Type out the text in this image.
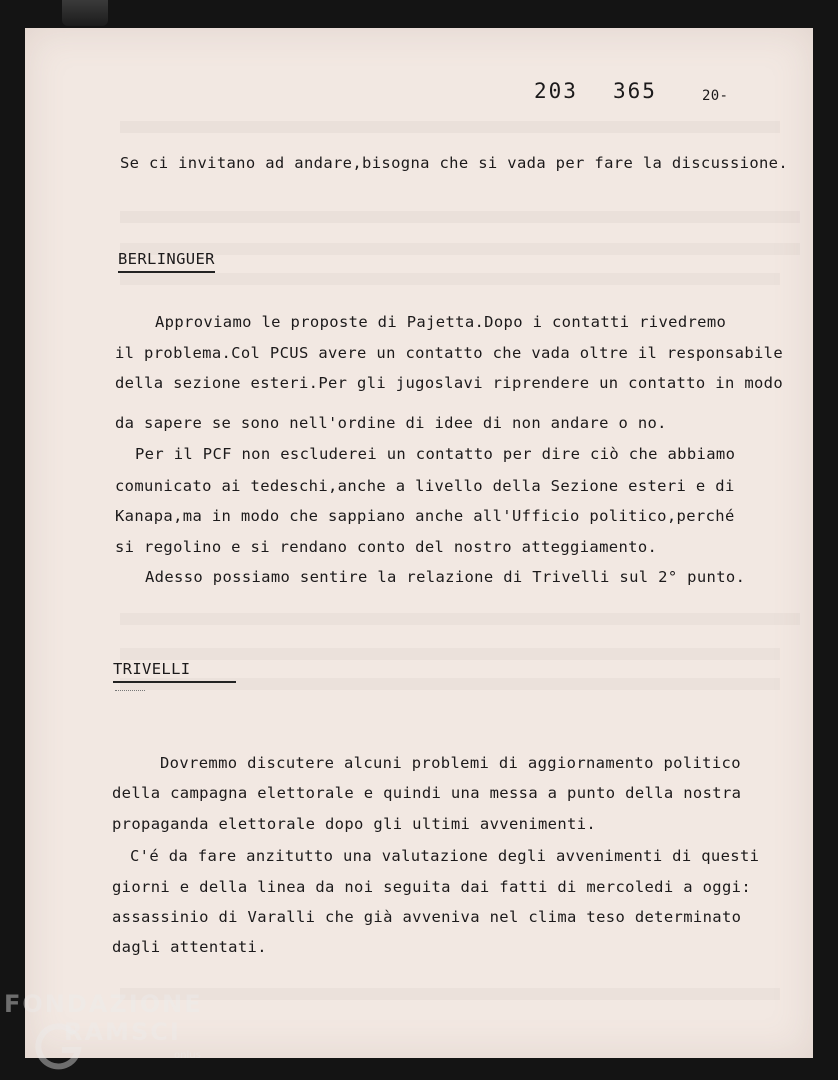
203 365	20-
Se ci invitano ad andare,bisogna che si vada per fare la discussione.
BERLINGUER
Approviamo le proposte di Pajetta.Dopo i contatti rivedremo
il problema.Col PCUS avere un contatto che vada oltre il responsabile
della sezione esteri.Per gli jugoslavi riprendere un contatto in modo
da sapere se sono nell'ordine di idee di non andare o no.
Per il PCF non escluderei un contatto per dire ciò che abbiamo
comunicato ai tedeschi,anche a livello della Sezione esteri e di
Kanapa,ma in modo che sappiano anche all'Ufficio politico,perché
si regolino e si rendano conto del nostro atteggiamento.
Adesso possiamo sentire la relazione di Trivelli sul 2° punto.
TRIVELLI
Dovremmo discutere alcuni problemi di aggiornamento politico
della campagna elettorale e quindi una messa a punto della nostra
propaganda elettorale dopo gli ultimi avvenimenti.
C'é da fare anzitutto una valutazione degli avvenimenti di questi
giorni e della linea da noi seguita dai fatti di mercoledi a oggi:
assassinio di Varalli che già avveniva nel clima teso determinato
dagli attentati.
FONDAZIONE
RAMSCI
onlus
